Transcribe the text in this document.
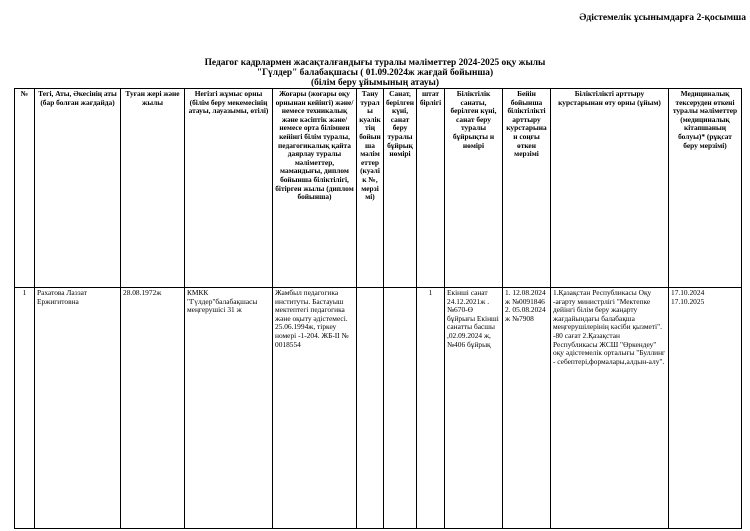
Әдістемелік ұсынымдарға 2-қосымша
Педагог кадрлармен жасақталғандығы туралы мәліметтер 2024-2025 оқу жылы
"Гүлдер" балабақшасы ( 01.09.2024ж жағдай бойынша)
(білім беру ұйымының атауы)
№	Тегі, Аты, Әкесінің аты (бар болған жағдайда)	Туған жері және жылы	Негізгі жұмыс орны (білім беру мекемесінің атауы, лауазымы, өтілі)	Жоғары (жоғары оқу орнынан кейінгі) және/немесе техникалық және кәсіптік және/немесе орта білімнен кейінгі білім туралы, педагогикалық қайта даярлау туралы мәліметтер, мамандығы, диплом бойынша біліктілігі, бітірген жылы (диплом бойынша)	Тану туралы куәліктің бойынша мәліметтер (куәлік №, мерзімі)	Санат, берілген күні, санат беру туралы бұйрық нөмірі	штат бірлігі	Біліктілік санаты, берілген күні, санат беру туралы бұйрықты н нөмірі	Бейін бойынша біліктілікті арттыру курстарынан соңғы өткен мерзімі	Біліктілікті арттыру курстарынан өту орны (ұйым)	Медициналық тексеруден өткені туралы мәліметтер (медициналық кітапшаның болуы)* (рұқсат беру мерзімі)
1	Рахатова Лаззат Ержигитовна	28.08.1972ж	КМКК "Гүлдер"балабақшасы меңгерушісі 31 ж	Жамбыл педагогика институты. Бастауыш мектептегі педагогика және оқыту әдістемесі. 25.06.1994ж, тіркеу номері -1-204. ЖБ-II № 0018554			1	Екінші санат 24.12.2021ж . №670-Ө бұйрығы Екінші санатты басшы ,02.09.2024 ж, №406 бұйрық	1. 12.08.2024 ж №0091846 2. 05.08.2024 ж №7908	1.Қазақстан Республикасы Оқу -ағарту министрлігі "Мектепке дейінгі білім беру жаңарту жағдайындағы балабақша меңгерушілерінің кәсіби қызметі". -80 сағат 2.Қазақстан Республикасы ЖСШ "Өркендеу" оқу әдістемелік орталығы "Буллинг - себептері,формалары,алдын-алу".	17.10.2024 17.10.2025
